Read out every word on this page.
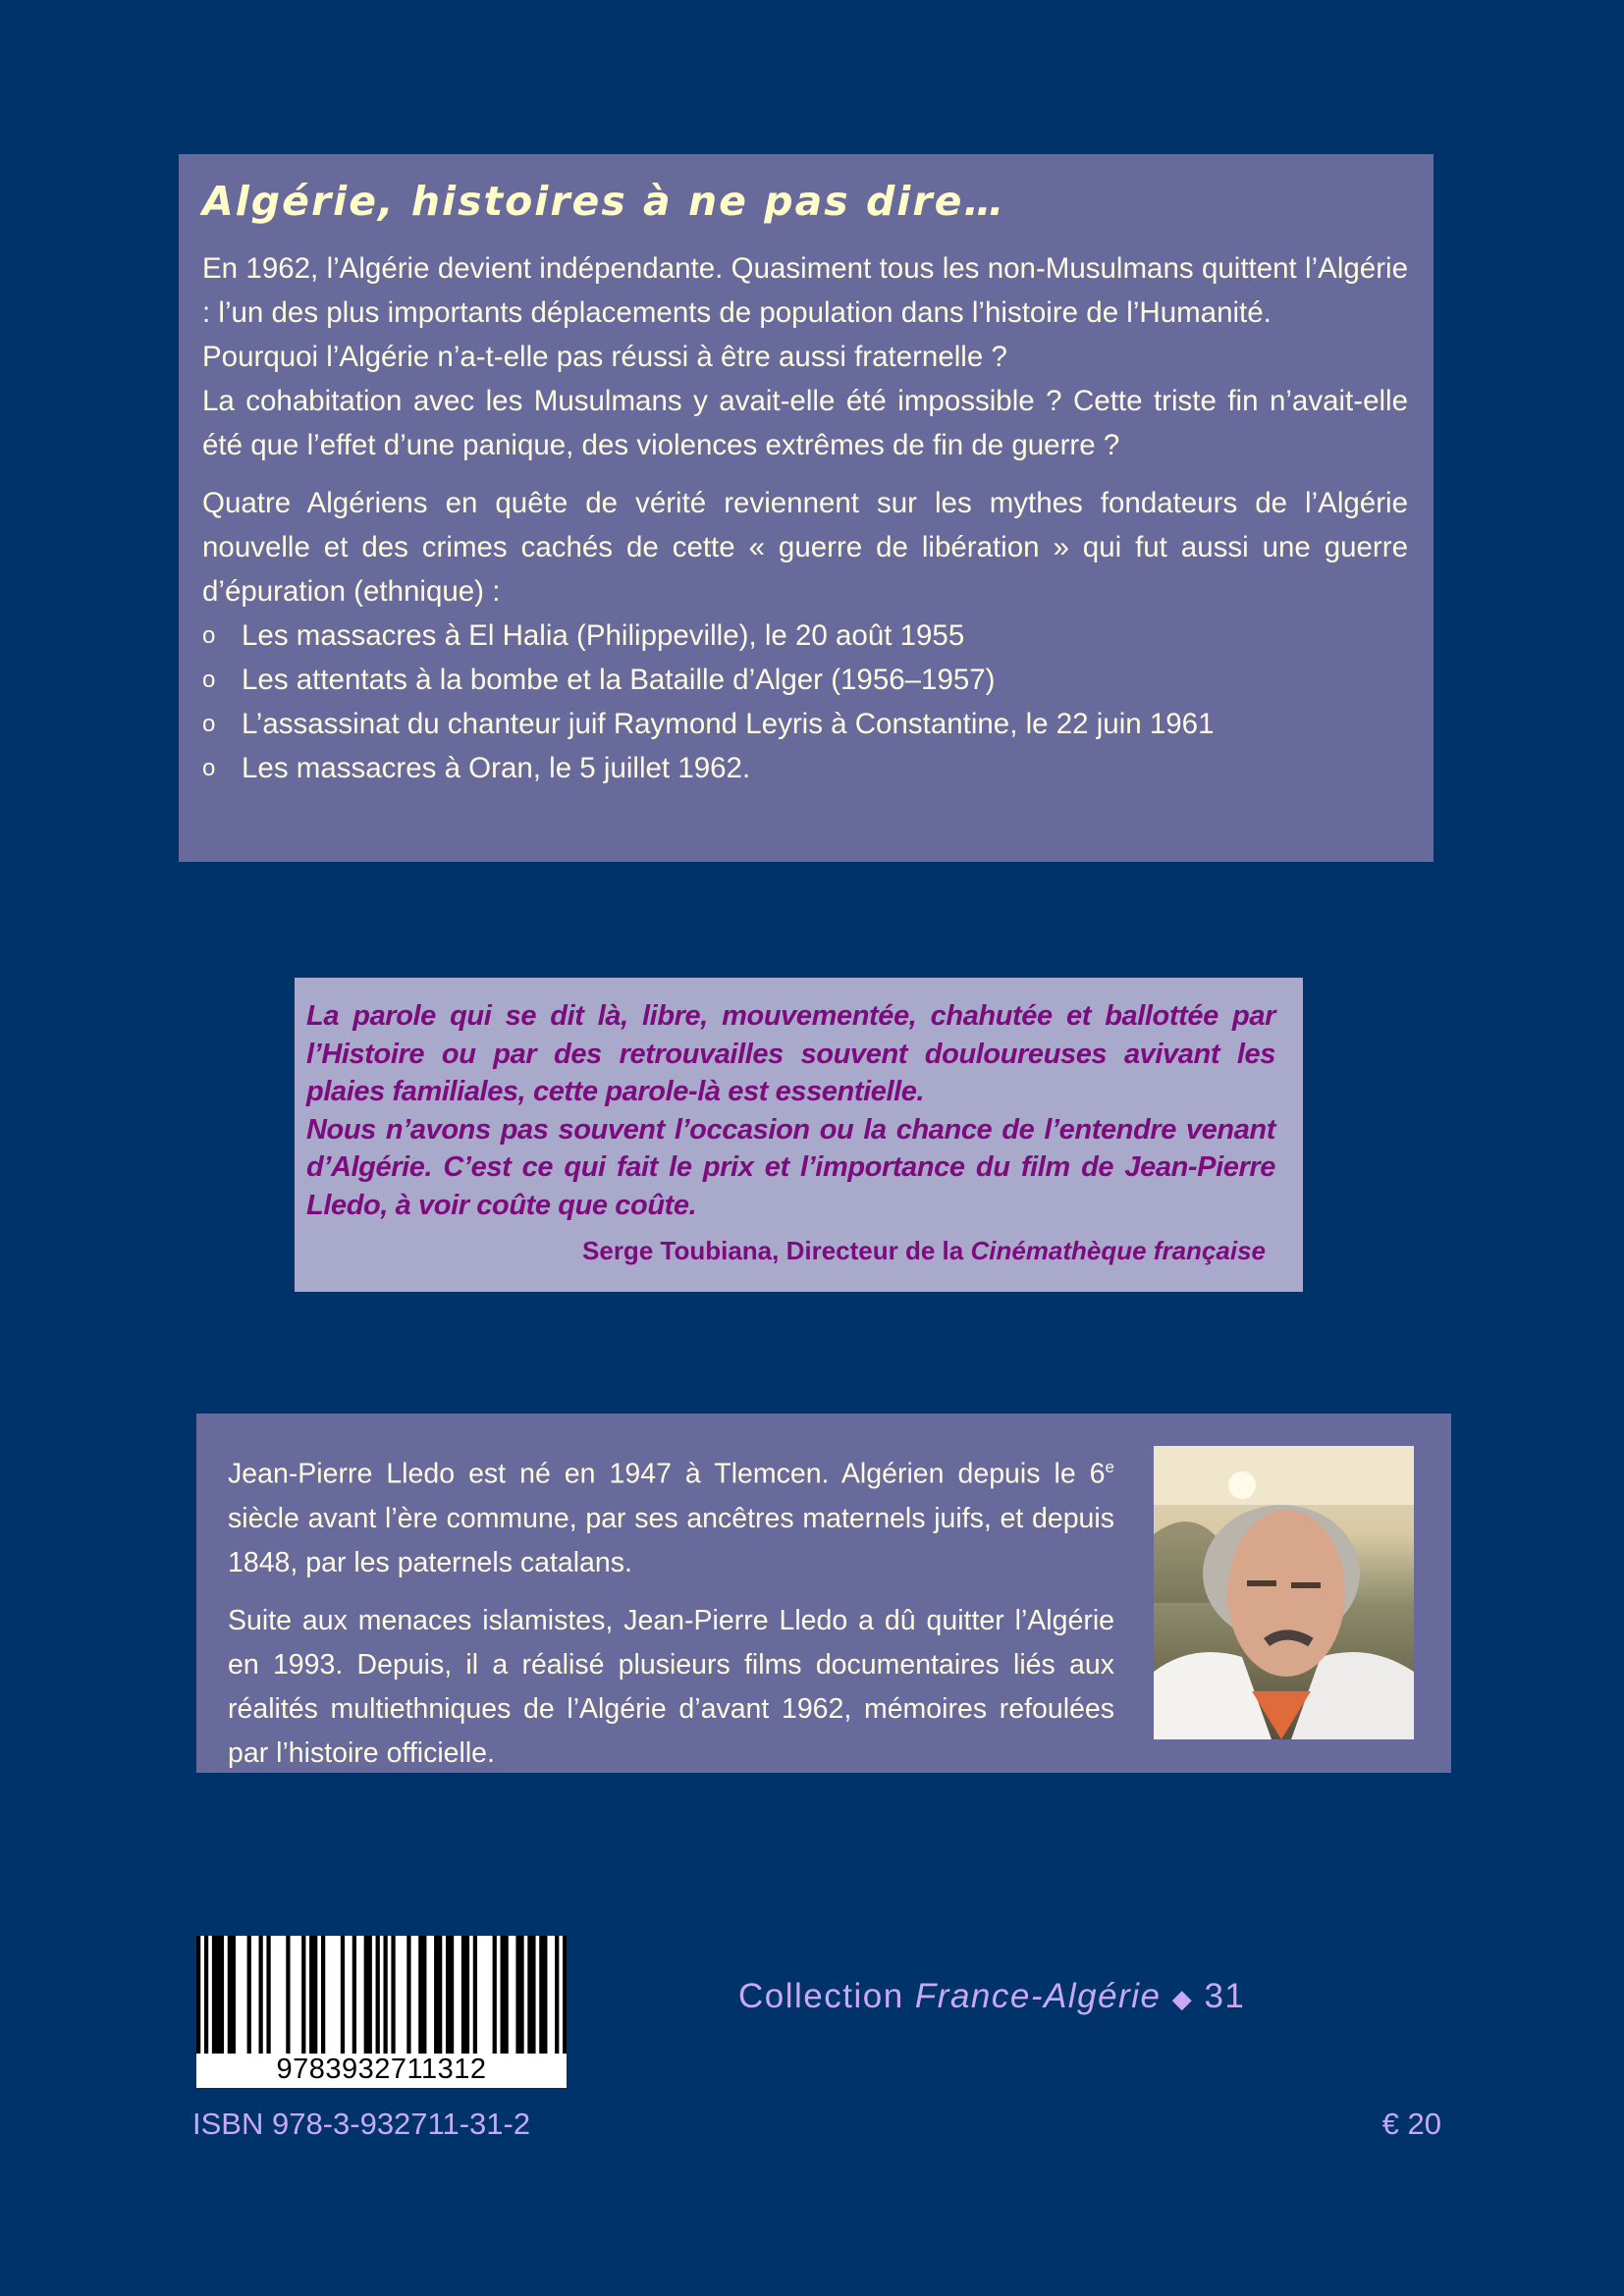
Algérie, histoires à ne pas dire…

En 1962, l’Algérie devient indépendante. Quasiment tous les non-Musulmans quittent l’Algérie : l’un des plus importants déplacements de population dans l’histoire de l’Humanité.

Pourquoi l’Algérie n’a-t-elle pas réussi à être aussi fraternelle ?

La cohabitation avec les Musulmans y avait-elle été impossible ? Cette triste fin n’avait-elle été que l’effet d’une panique, des violences extrêmes de fin de guerre ?

Quatre Algériens en quête de vérité reviennent sur les mythes fondateurs de l’Algérie nouvelle et des crimes cachés de cette « guerre de libération » qui fut aussi une guerre d’épuration (ethnique) :

o Les massacres à El Halia (Philippeville), le 20 août 1955
o Les attentats à la bombe et la Bataille d’Alger (1956–1957)
o L’assassinat du chanteur juif Raymond Leyris à Constantine, le 22 juin 1961
o Les massacres à Oran, le 5 juillet 1962.

La parole qui se dit là, libre, mouvementée, chahutée et ballottée par l’Histoire ou par des retrouvailles souvent douloureuses avivant les plaies familiales, cette parole-là est essentielle.

Nous n’avons pas souvent l’occasion ou la chance de l’entendre venant d’Algérie. C’est ce qui fait le prix et l’importance du film de Jean-Pierre Lledo, à voir coûte que coûte.

Serge Toubiana, Directeur de la Cinémathèque française

Jean-Pierre Lledo est né en 1947 à Tlemcen. Algérien depuis le 6e siècle avant l’ère commune, par ses ancêtres maternels juifs, et depuis 1848, par les paternels catalans.

Suite aux menaces islamistes, Jean-Pierre Lledo a dû quitter l’Algérie en 1993. Depuis, il a réalisé plusieurs films documentaires liés aux réalités multiethniques de l’Algérie d’avant 1962, mémoires refoulées par l’histoire officielle.

9783932711312
Collection France-Algérie ◆ 31
ISBN 978-3-932711-31-2	€ 20
